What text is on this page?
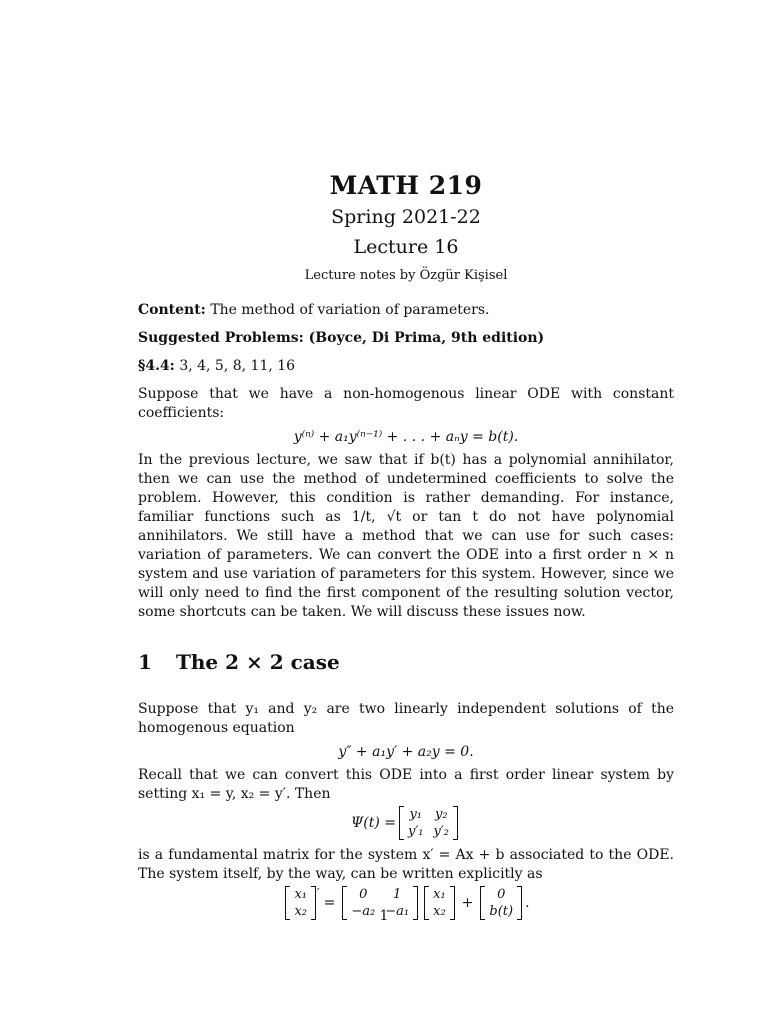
MATH 219
Spring 2021-22
Lecture 16
Lecture notes by Özgür Kişisel

Content: The method of variation of parameters.

Suggested Problems: (Boyce, Di Prima, 9th edition)

§4.4: 3, 4, 5, 8, 11, 16

Suppose that we have a non-homogenous linear ODE with constant coefficients:

y⁽ⁿ⁾ + a₁y⁽ⁿ⁻¹⁾ + . . . + aₙy = b(t).

In the previous lecture, we saw that if b(t) has a polynomial annihilator, then we can use the method of undetermined coefficients to solve the problem. However, this condition is rather demanding. For instance, familiar functions such as 1/t, √t or tan t do not have polynomial annihilators. We still have a method that we can use for such cases: variation of parameters. We can convert the ODE into a first order n × n system and use variation of parameters for this system. However, since we will only need to find the first component of the resulting solution vector, some shortcuts can be taken. We will discuss these issues now.

1 The 2 × 2 case

Suppose that y₁ and y₂ are two linearly independent solutions of the homogenous equation

y″ + a₁y′ + a₂y = 0.

Recall that we can convert this ODE into a first order linear system by setting x₁ = y, x₂ = y′. Then

Ψ(t) =
y₁	y₂
y′₁	y′₂

is a fundamental matrix for the system x′ = Ax + b associated to the ODE. The system itself, by the way, can be written explicitly as

x₁
x₂
′
=
0	1
−a₂	−a₁
x₁
x₂
+
0
b(t)
.
1
